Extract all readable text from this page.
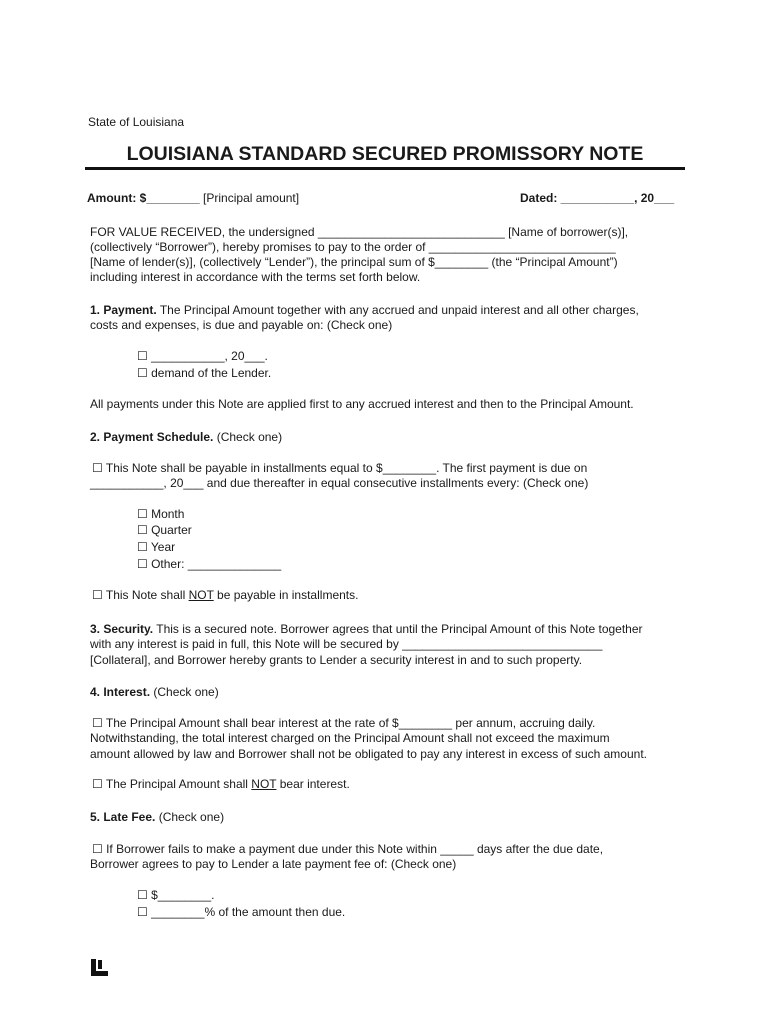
State of Louisiana
LOUISIANA STANDARD SECURED PROMISSORY NOTE
Amount: $________ [Principal amount]	Dated: ___________, 20___
FOR VALUE RECEIVED, the undersigned ____________________________ [Name of borrower(s)],
(collectively “Borrower”), hereby promises to pay to the order of ____________________________
[Name of lender(s)], (collectively “Lender”), the principal sum of $________ (the “Principal Amount”)
including interest in accordance with the terms set forth below.
1. Payment. The Principal Amount together with any accrued and unpaid interest and all other charges,
costs and expenses, is due and payable on: (Check one)
☐ ___________, 20___.
☐ demand of the Lender.
All payments under this Note are applied first to any accrued interest and then to the Principal Amount.
2. Payment Schedule. (Check one)
☐ This Note shall be payable in installments equal to $________. The first payment is due on
___________, 20___ and due thereafter in equal consecutive installments every: (Check one)
☐ Month
☐ Quarter
☐ Year
☐ Other: ______________
☐ This Note shall NOT be payable in installments.
3. Security. This is a secured note. Borrower agrees that until the Principal Amount of this Note together
with any interest is paid in full, this Note will be secured by ______________________________
[Collateral], and Borrower hereby grants to Lender a security interest in and to such property.
4. Interest. (Check one)
☐ The Principal Amount shall bear interest at the rate of $________ per annum, accruing daily.
Notwithstanding, the total interest charged on the Principal Amount shall not exceed the maximum
amount allowed by law and Borrower shall not be obligated to pay any interest in excess of such amount.
☐ The Principal Amount shall NOT bear interest.
5. Late Fee. (Check one)
☐ If Borrower fails to make a payment due under this Note within _____ days after the due date,
Borrower agrees to pay to Lender a late payment fee of: (Check one)
☐ $________.
☐ ________% of the amount then due.
